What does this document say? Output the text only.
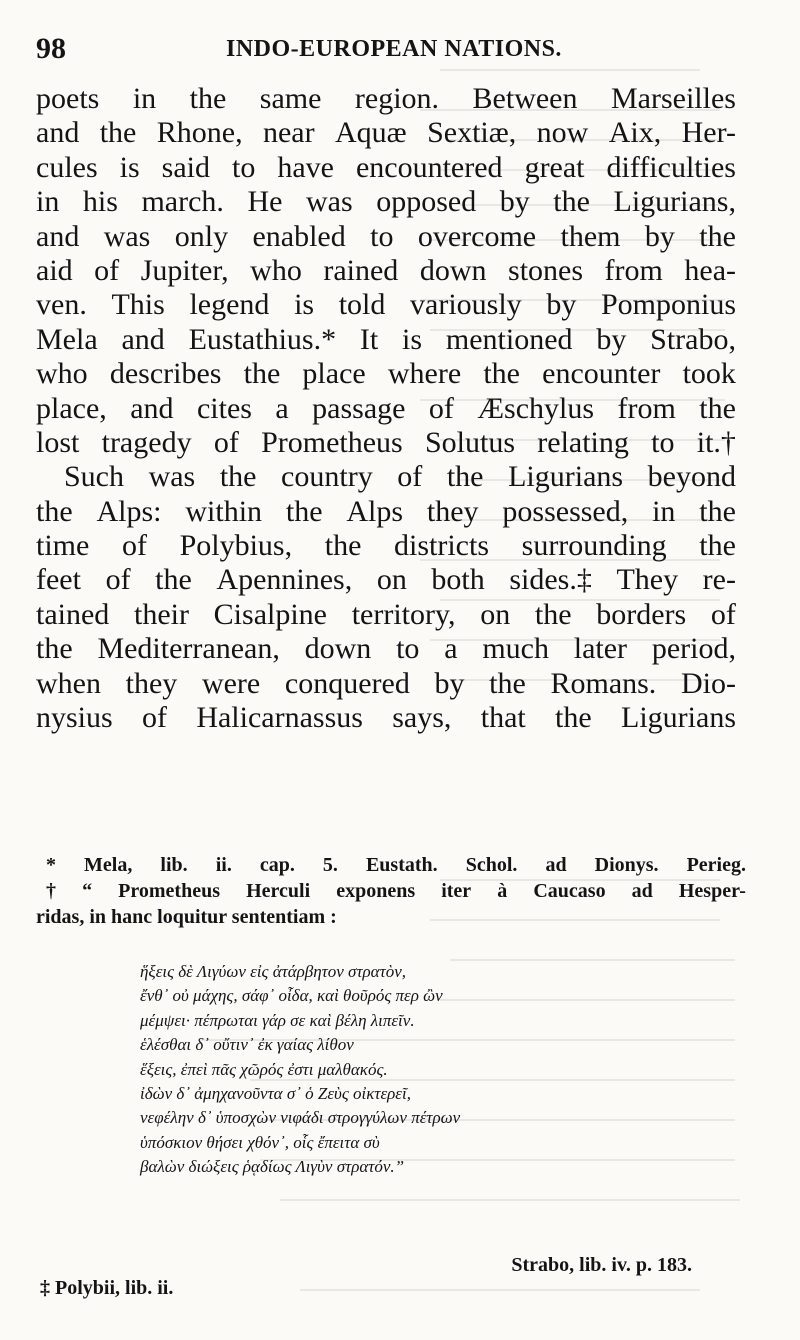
98	INDO-EUROPEAN NATIONS.
poets in the same region. Between Marseilles
and the Rhone, near Aquæ Sextiæ, now Aix, Her-
cules is said to have encountered great difficulties
in his march. He was opposed by the Ligurians,
and was only enabled to overcome them by the
aid of Jupiter, who rained down stones from hea-
ven. This legend is told variously by Pomponius
Mela and Eustathius.* It is mentioned by Strabo,
who describes the place where the encounter took
place, and cites a passage of Æschylus from the
lost tragedy of Prometheus Solutus relating to it.†
Such was the country of the Ligurians beyond
the Alps: within the Alps they possessed, in the
time of Polybius, the districts surrounding the
feet of the Apennines, on both sides.‡ They re-
tained their Cisalpine territory, on the borders of
the Mediterranean, down to a much later period,
when they were conquered by the Romans. Dio-
nysius of Halicarnassus says, that the Ligurians
* Mela, lib. ii. cap. 5. Eustath. Schol. ad Dionys. Perieg.
† “ Prometheus Herculi exponens iter à Caucaso ad Hesper-
ridas, in hanc loquitur sententiam :
ἥξεις δὲ Λιγύων εἰς ἀτάρβητον στρατὸν,
ἔνθ᾽ οὐ μάχης, σάφ᾽ οἶδα, καὶ θοῦρός περ ὢν
μέμψει· πέπρωται γάρ σε καὶ βέλη λιπεῖν.
ἑλέσθαι δ᾽ οὔτιν᾽ ἐκ γαίας λίθον
ἕξεις, ἐπεὶ πᾶς χῶρός ἐστι μαλθακός.
ἰδὼν δ᾽ ἀμηχανοῦντα σ᾽ ὁ Ζεὺς οἰκτερεῖ,
νεφέλην δ᾽ ὑποσχὼν νιφάδι στρογγύλων πέτρων
ὑπόσκιον θήσει χθόν᾽, οἷς ἔπειτα σὺ
βαλὼν διώξεις ῥᾳδίως Λιγὺν στρατόν.”
Strabo, lib. iv. p. 183.
‡ Polybii, lib. ii.
